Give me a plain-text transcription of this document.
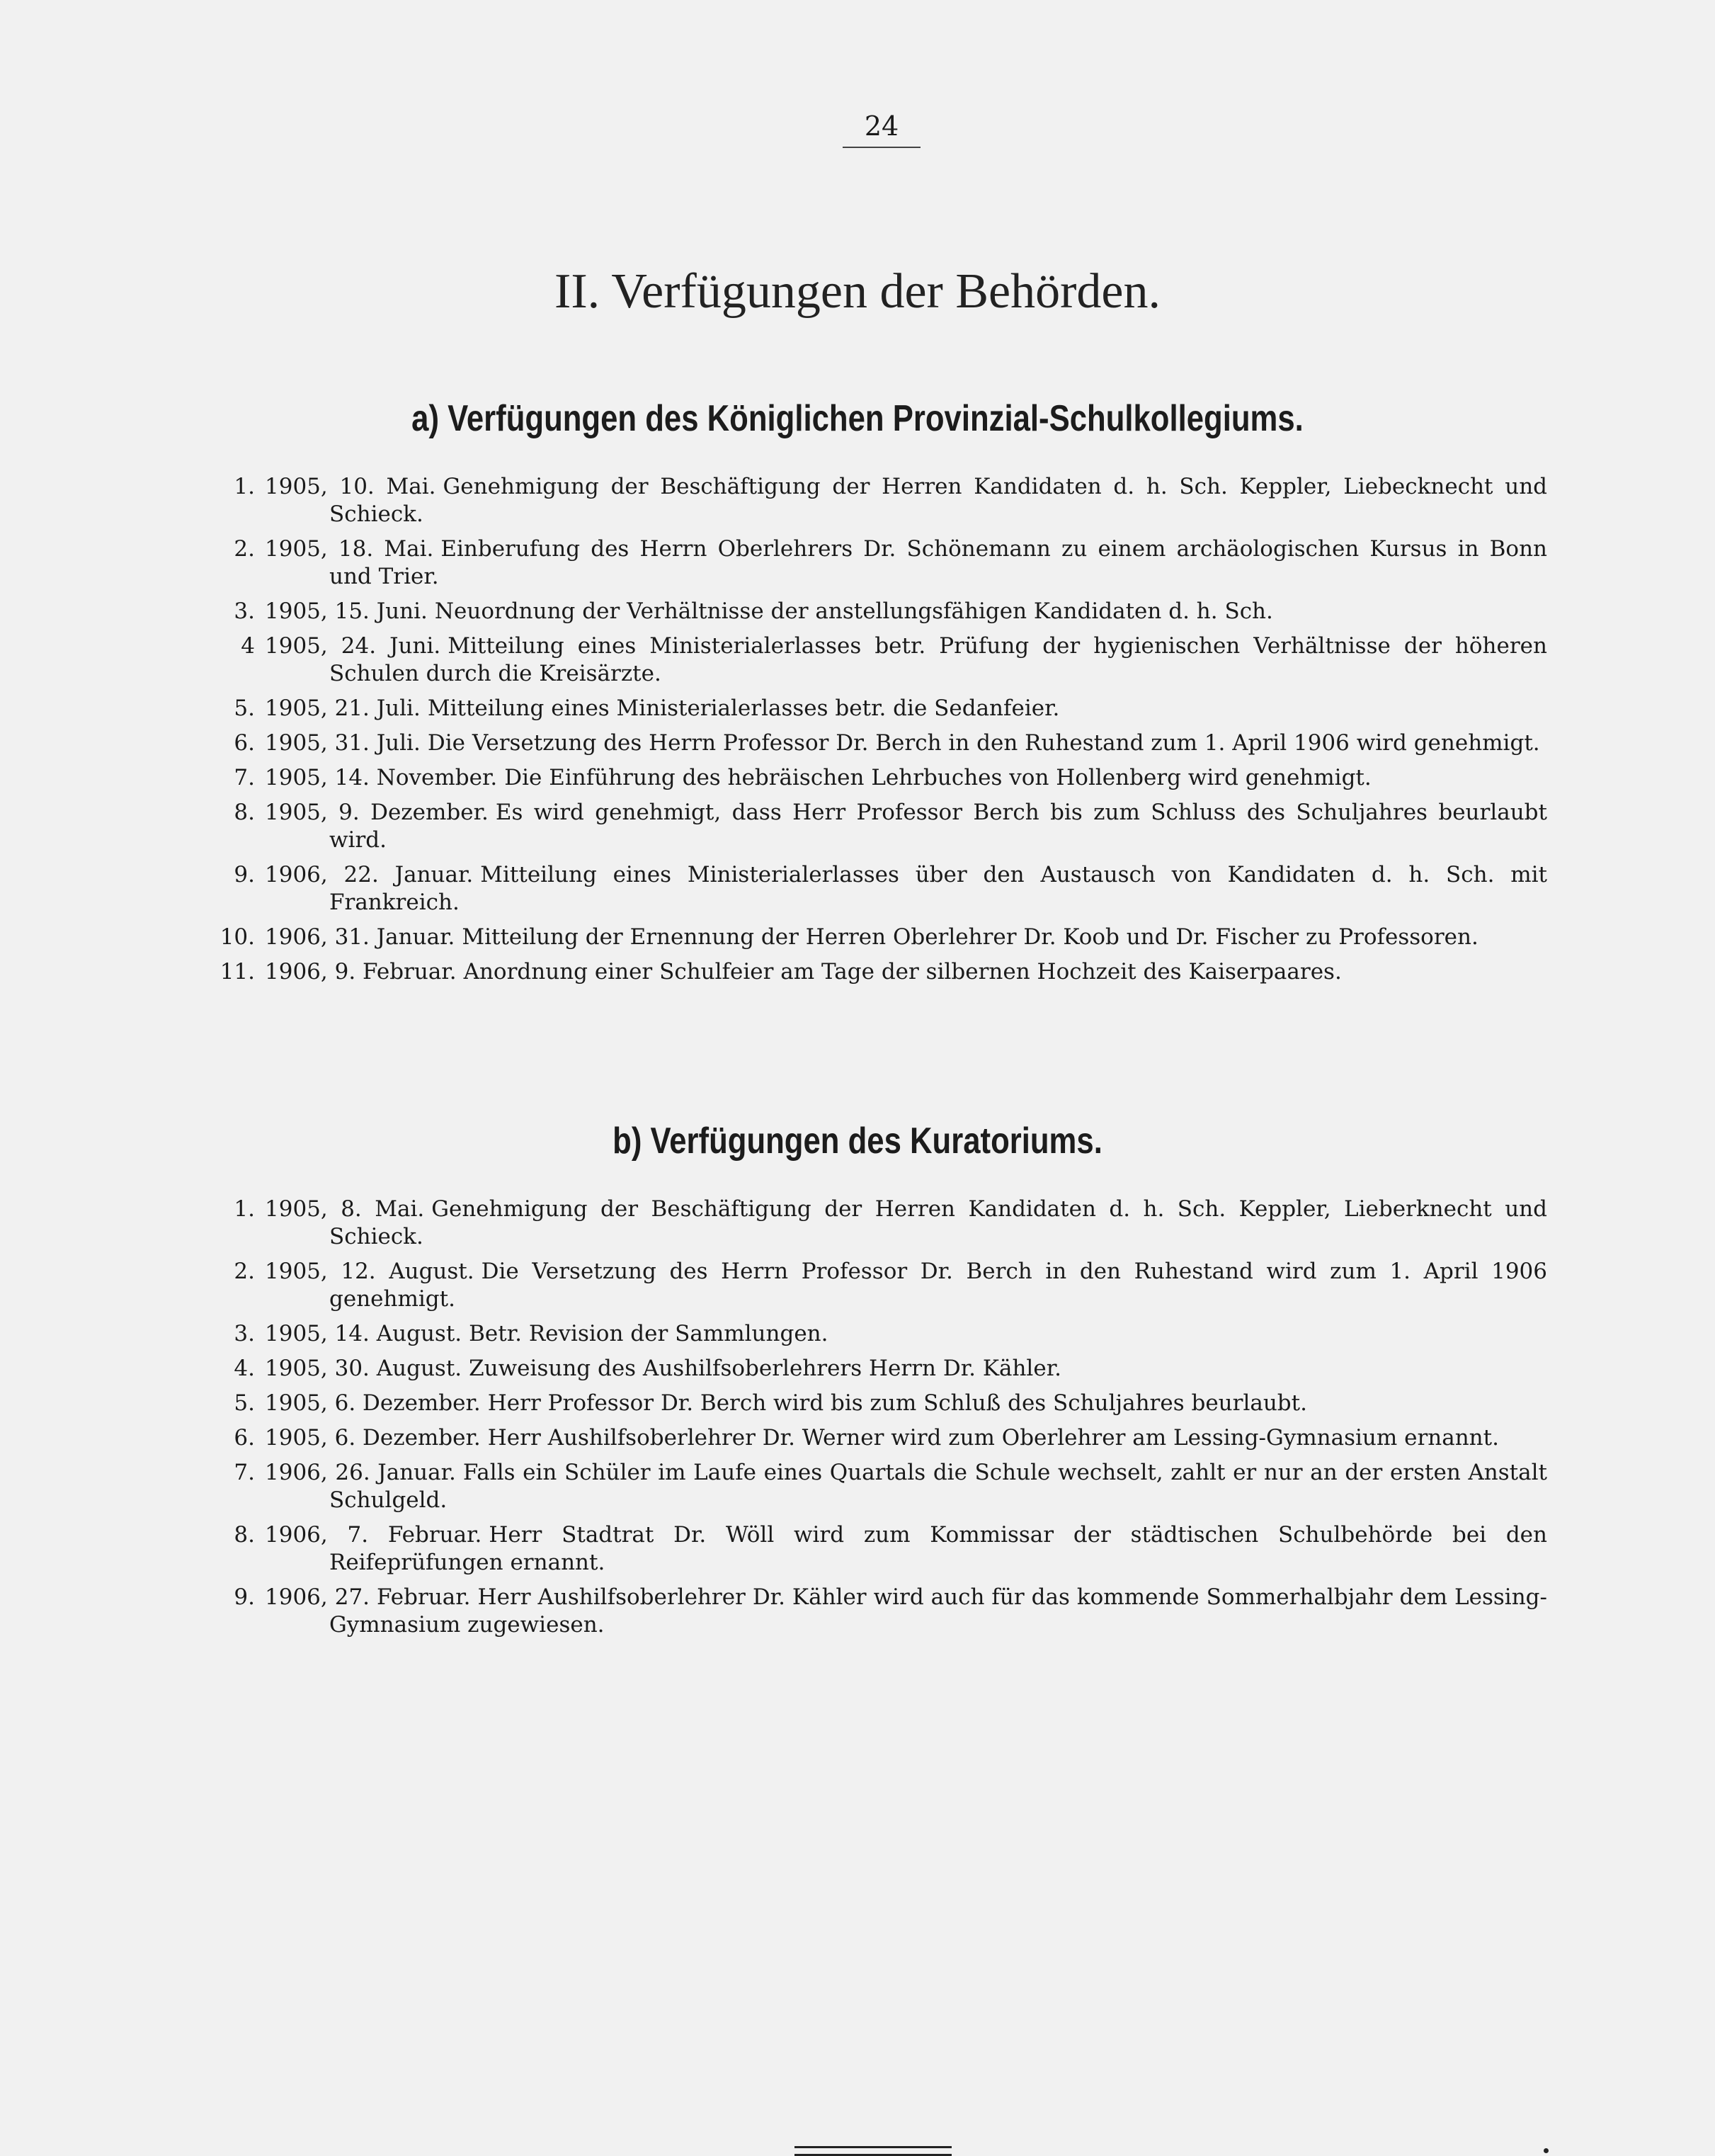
24
II. Verfügungen der Behörden.
a) Verfügungen des Königlichen Provinzial-Schulkollegiums.
1. 1905, 10. Mai. Genehmigung der Beschäftigung der Herren Kandidaten d. h. Sch. Keppler, Liebecknecht und Schieck.
2. 1905, 18. Mai. Einberufung des Herrn Oberlehrers Dr. Schönemann zu einem archäologischen Kursus in Bonn und Trier.
3. 1905, 15. Juni. Neuordnung der Verhältnisse der anstellungsfähigen Kandidaten d. h. Sch.
4 1905, 24. Juni. Mitteilung eines Ministerialerlasses betr. Prüfung der hygienischen Verhältnisse der höheren Schulen durch die Kreisärzte.
5. 1905, 21. Juli. Mitteilung eines Ministerialerlasses betr. die Sedanfeier.
6. 1905, 31. Juli. Die Versetzung des Herrn Professor Dr. Berch in den Ruhestand zum 1. April 1906 wird genehmigt.
7. 1905, 14. November. Die Einführung des hebräischen Lehrbuches von Hollenberg wird genehmigt.
8. 1905, 9. Dezember. Es wird genehmigt, dass Herr Professor Berch bis zum Schluss des Schuljahres beurlaubt wird.
9. 1906, 22. Januar. Mitteilung eines Ministerialerlasses über den Austausch von Kandidaten d. h. Sch. mit Frankreich.
10. 1906, 31. Januar. Mitteilung der Ernennung der Herren Oberlehrer Dr. Koob und Dr. Fischer zu Professoren.
11. 1906, 9. Februar. Anordnung einer Schulfeier am Tage der silbernen Hochzeit des Kaiserpaares.
b) Verfügungen des Kuratoriums.
1. 1905, 8. Mai. Genehmigung der Beschäftigung der Herren Kandidaten d. h. Sch. Keppler, Lieberknecht und Schieck.
2. 1905, 12. August. Die Versetzung des Herrn Professor Dr. Berch in den Ruhestand wird zum 1. April 1906 genehmigt.
3. 1905, 14. August. Betr. Revision der Sammlungen.
4. 1905, 30. August. Zuweisung des Aushilfsoberlehrers Herrn Dr. Kähler.
5. 1905, 6. Dezember. Herr Professor Dr. Berch wird bis zum Schluß des Schuljahres beurlaubt.
6. 1905, 6. Dezember. Herr Aushilfsoberlehrer Dr. Werner wird zum Oberlehrer am Lessing-Gymnasium ernannt.
7. 1906, 26. Januar. Falls ein Schüler im Laufe eines Quartals die Schule wechselt, zahlt er nur an der ersten Anstalt Schulgeld.
8. 1906, 7. Februar. Herr Stadtrat Dr. Wöll wird zum Kommissar der städtischen Schulbehörde bei den Reifeprüfungen ernannt.
9. 1906, 27. Februar. Herr Aushilfsoberlehrer Dr. Kähler wird auch für das kommende Sommerhalbjahr dem Lessing-Gymnasium zugewiesen.
